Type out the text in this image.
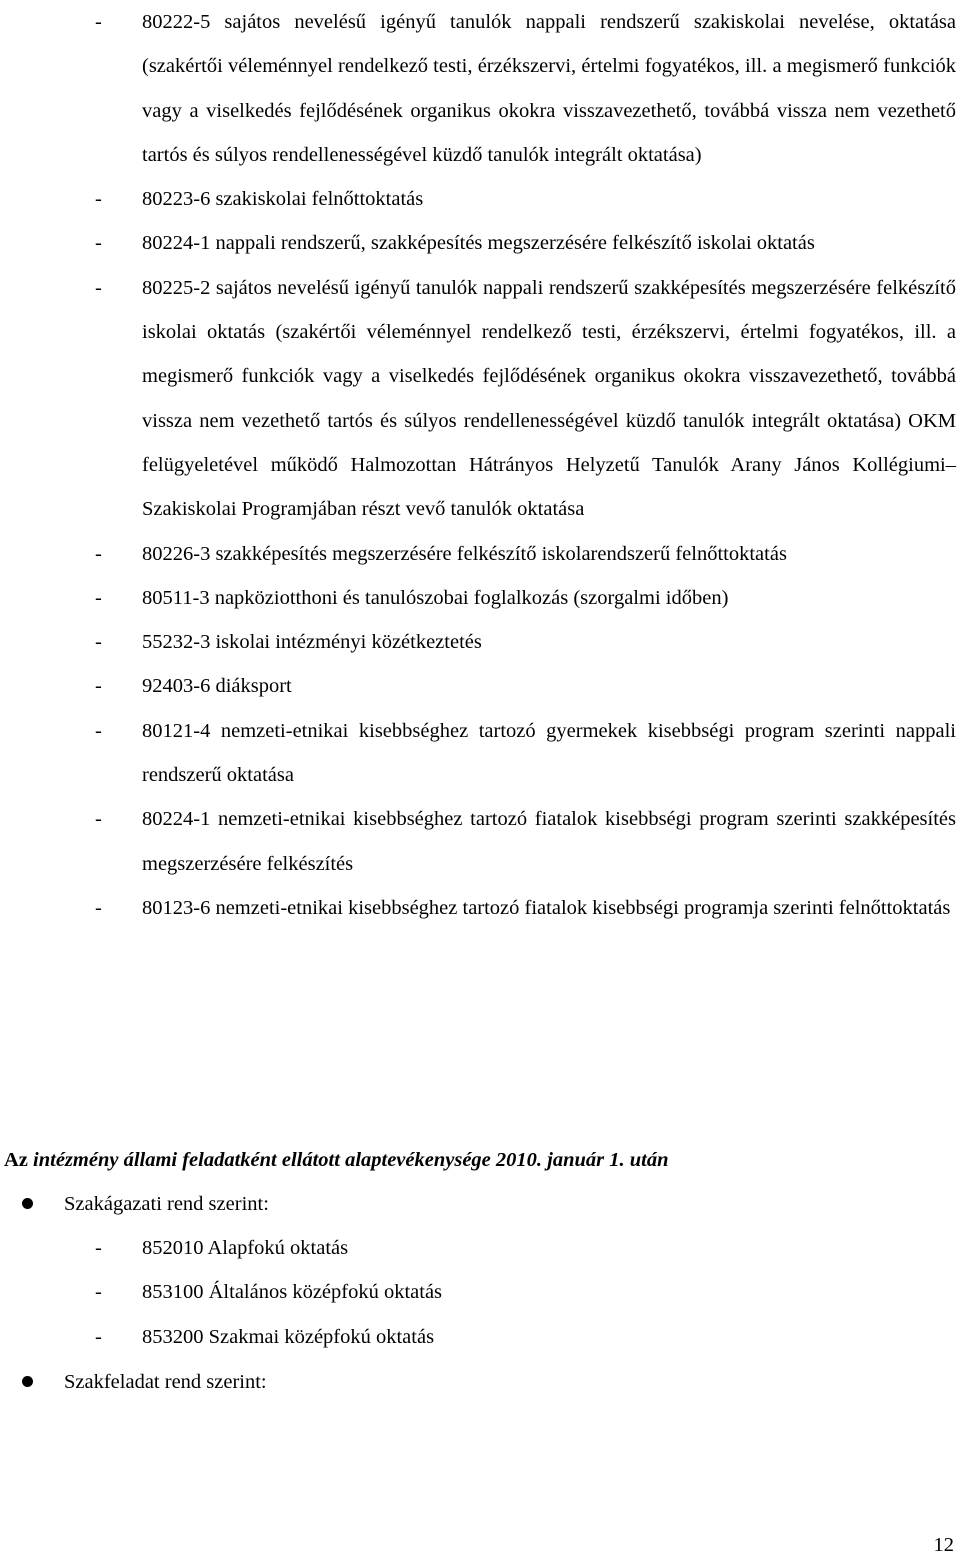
- 80222-5 sajátos nevelésű igényű tanulók nappali rendszerű szakiskolai nevelése, oktatása (szakértői véleménnyel rendelkező testi, érzékszervi, értelmi fogyatékos, ill. a megismerő funkciók vagy a viselkedés fejlődésének organikus okokra visszavezethető, továbbá vissza nem vezethető tartós és súlyos rendellenességével küzdő tanulók integrált oktatása)
- 80223-6 szakiskolai felnőttoktatás
- 80224-1 nappali rendszerű, szakképesítés megszerzésére felkészítő iskolai oktatás
- 80225-2 sajátos nevelésű igényű tanulók nappali rendszerű szakképesítés megszerzésére felkészítő iskolai oktatás (szakértői véleménnyel rendelkező testi, érzékszervi, értelmi fogyatékos, ill. a megismerő funkciók vagy a viselkedés fejlődésének organikus okokra visszavezethető, továbbá vissza nem vezethető tartós és súlyos rendellenességével küzdő tanulók integrált oktatása) OKM felügyeletével működő Halmozottan Hátrányos Helyzetű Tanulók Arany János Kollégiumi–Szakiskolai Programjában részt vevő tanulók oktatása
- 80226-3 szakképesítés megszerzésére felkészítő iskolarendszerű felnőttoktatás
- 80511-3 napköziotthoni és tanulószobai foglalkozás (szorgalmi időben)
- 55232-3 iskolai intézményi közétkeztetés
- 92403-6 diáksport
- 80121-4 nemzeti-etnikai kisebbséghez tartozó gyermekek kisebbségi program szerinti nappali rendszerű oktatása
- 80224-1 nemzeti-etnikai kisebbséghez tartozó fiatalok kisebbségi program szerinti szakképesítés megszerzésére felkészítés
- 80123-6 nemzeti-etnikai kisebbséghez tartozó fiatalok kisebbségi programja szerinti felnőttoktatás
Az intézmény állami feladatként ellátott alaptevékenysége 2010. január 1. után
Szakágazati rend szerint:
- 852010 Alapfokú oktatás
- 853100 Általános középfokú oktatás
- 853200 Szakmai középfokú oktatás
Szakfeladat rend szerint:
12
